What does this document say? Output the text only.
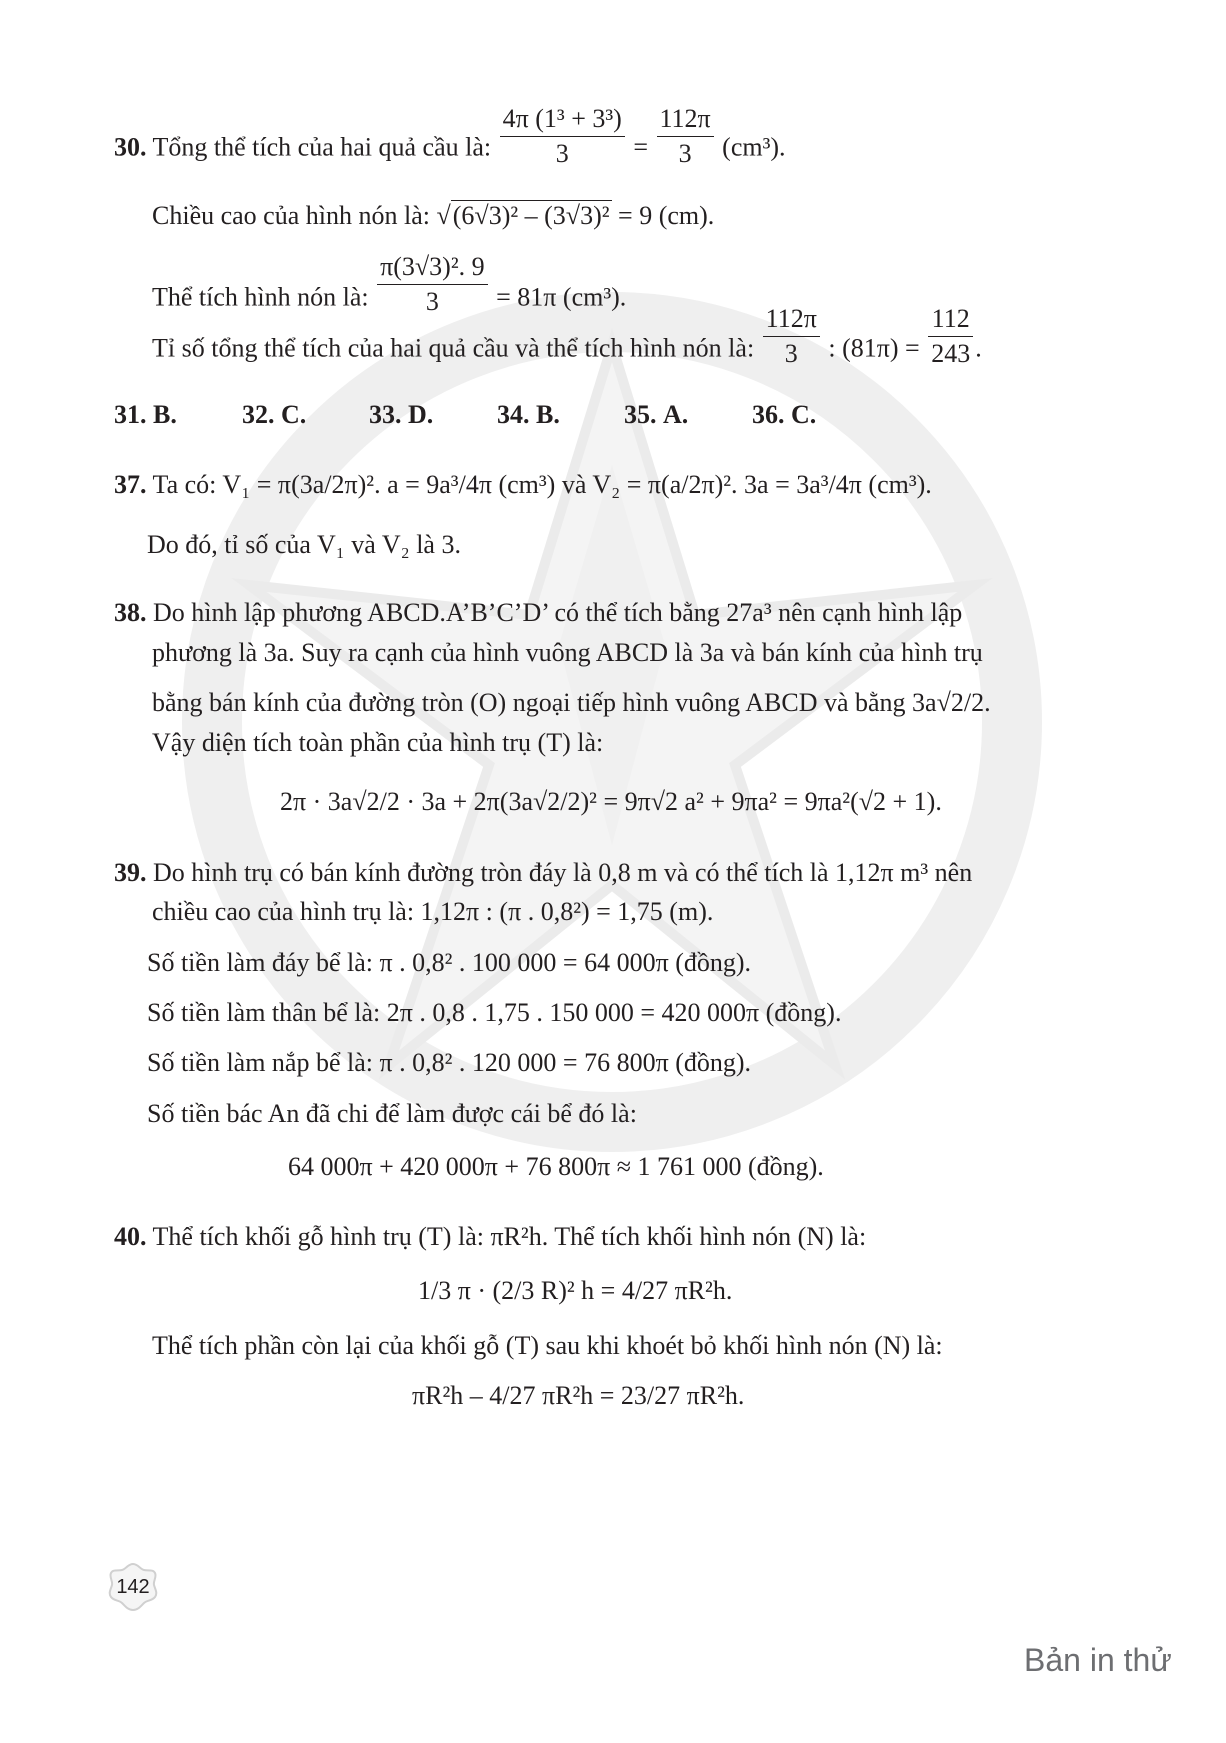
30. Tổng thể tích của hai quả cầu là: $\frac{\text{4π (1³ + 3³)}}{3} = \frac{112\pi}{3} (cm^3)$.
Chiều cao của hình nón là: √(6√3)² – (3√3)² = 9 (cm).
Thể tích hình nón là: $\frac{\text{π(3√3)². 9}}{3} = 81\pi$ (cm³).
Tỉ số tổng thể tích của hai quả cầu và thể tích hình nón là: $\frac{112\pi}{3}$ : $(81\pi) = \frac{112}{243}$ .
31. B.	32. C. 33. D. 34. B. 35. A. 36. C.
37. Ta có: V₁ = π(3a/2π)². a = 9a³/4π (cm³) và V₂ = π(a/2π)². 3a = 3a³/4π (cm³).
Do đó, tỉ số của V₁ và V₂ là 3.
38. Do hình lập phương ABCD.A’B’C’D’ có thể tích bằng 27a³ nên cạnh hình lập
phương là 3a. Suy ra cạnh của hình vuông ABCD là 3a và bán kính của hình trụ
bằng bán kính của đường tròn (O) ngoại tiếp hình vuông ABCD và bằng 3a√2/2.
Vậy diện tích toàn phần của hình trụ (T) là:
2π · 3a√2/2 · 3a + 2π(3a√2/2)² = 9π√2 a² + 9πa² = 9πa²(√2 + 1).
39. Do hình trụ có bán kính đường tròn đáy là 0,8 m và có thể tích là 1,12π m³ nên
chiều cao của hình trụ là: 1,12π : (π . 0,8²) = 1,75 (m).
Số tiền làm đáy bể là: π . 0,8² . 100 000 = 64 000π (đồng).
Số tiền làm thân bể là: 2π . 0,8 . 1,75 . 150 000 = 420 000π (đồng).
Số tiền làm nắp bể là: π . 0,8² . 120 000 = 76 800π (đồng).
Số tiền bác An đã chi để làm được cái bể đó là:
64 000π + 420 000π + 76 800π ≈ 1 761 000 (đồng).
40. Thể tích khối gỗ hình trụ (T) là: πR²h. Thể tích khối hình nón (N) là:
1/3 π · (2/3 R)² h = 4/27 πR²h.
Thể tích phần còn lại của khối gỗ (T) sau khi khoét bỏ khối hình nón (N) là:
πR²h – 4/27 πR²h = 23/27 πR²h.
142
Bản in thử
